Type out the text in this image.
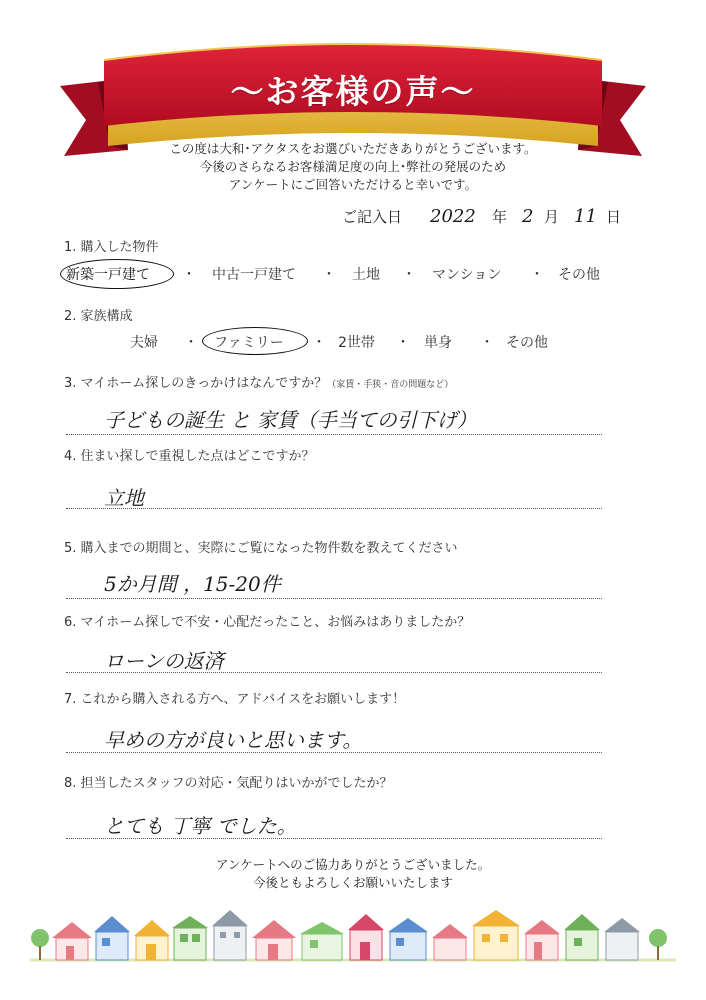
～お客様の声～
この度は大和･アクタスをお選びいただきありがとうございます。
今後のさらなるお客様満足度の向上･弊社の発展のため
アンケートにご回答いただけると幸いです。
ご記入日 2022 年 2 月 11 日
1. 購入した物件
新築一戸建て ・ 中古一戸建て ・ 土地 ・ マンション ・ その他
2. 家族構成
夫婦 ・ ファミリー ・ 2世帯 ・ 単身 ・ その他
3. マイホーム探しのきっかけはなんですか？（家賃・手狭・音の問題など）
子どもの誕生 と 家賃（手当ての引下げ）
4. 住まい探しで重視した点はどこですか？
立地
5. 購入までの期間と、実際にご覧になった物件数を教えてください
5か月間 ，15-20件
6. マイホーム探しで不安・心配だったこと、お悩みはありましたか？
ローンの返済
7. これから購入される方へ、アドバイスをお願いします！
早めの方が良いと思います。
8. 担当したスタッフの対応・気配りはいかがでしたか？
とても 丁寧 でした。
アンケートへのご協力ありがとうございました。
今後ともよろしくお願いいたします
